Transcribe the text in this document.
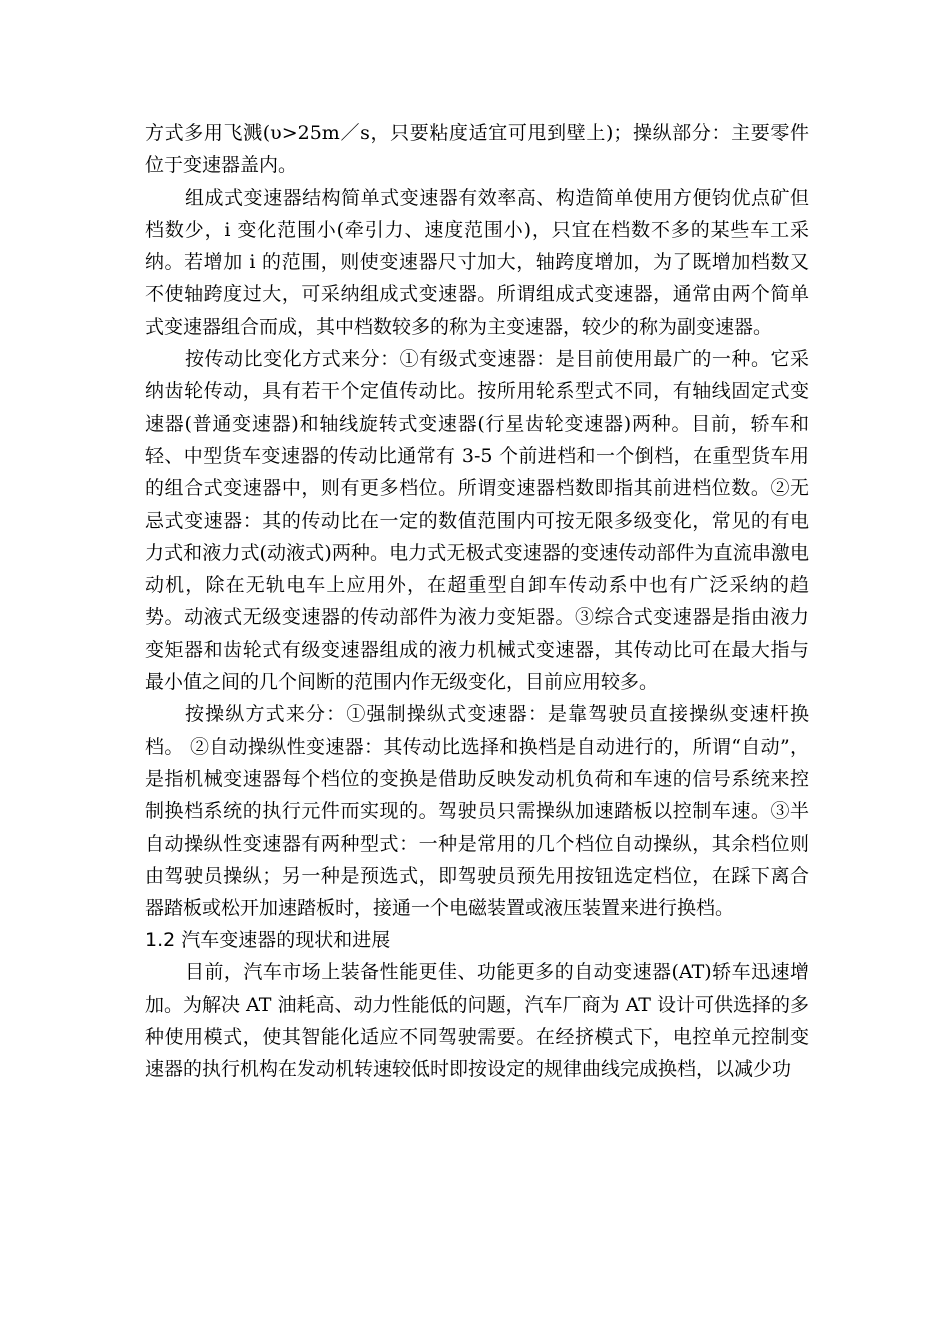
方式多用飞溅(υ>25m／s，只要粘度适宜可甩到壁上)；操纵部分：主要零件位于变速器盖内。

组成式变速器结构简单式变速器有效率高、构造简单使用方便钧优点矿但档数少，i 变化范围小(牵引力、速度范围小)，只宜在档数不多的某些车工采纳。若增加 i 的范围，则使变速器尺寸加大，轴跨度增加，为了既增加档数又不使轴跨度过大，可采纳组成式变速器。所谓组成式变速器，通常由两个简单式变速器组合而成，其中档数较多的称为主变速器，较少的称为副变速器。

按传动比变化方式来分：①有级式变速器：是目前使用最广的一种。它采纳齿轮传动，具有若干个定值传动比。按所用轮系型式不同，有轴线固定式变速器(普通变速器)和轴线旋转式变速器(行星齿轮变速器)两种。目前，轿车和轻、中型货车变速器的传动比通常有 3-5 个前进档和一个倒档，在重型货车用的组合式变速器中，则有更多档位。所谓变速器档数即指其前进档位数。②无忌式变速器：其的传动比在一定的数值范围内可按无限多级变化，常见的有电力式和液力式(动液式)两种。电力式无极式变速器的变速传动部件为直流串激电动机，除在无轨电车上应用外，在超重型自卸车传动系中也有广泛采纳的趋势。动液式无级变速器的传动部件为液力变矩器。③综合式变速器是指由液力变矩器和齿轮式有级变速器组成的液力机械式变速器，其传动比可在最大指与最小值之间的几个间断的范围内作无级变化，目前应用较多。

按操纵方式来分：①强制操纵式变速器：是靠驾驶员直接操纵变速杆换档。 ②自动操纵性变速器：其传动比选择和换档是自动进行的，所谓“自动”，是指机械变速器每个档位的变换是借助反映发动机负荷和车速的信号系统来控制换档系统的执行元件而实现的。驾驶员只需操纵加速踏板以控制车速。③半自动操纵性变速器有两种型式：一种是常用的几个档位自动操纵，其余档位则由驾驶员操纵；另一种是预选式，即驾驶员预先用按钮选定档位，在踩下离合器踏板或松开加速踏板时，接通一个电磁装置或液压装置来进行换档。

1.2 汽车变速器的现状和进展

目前，汽车市场上装备性能更佳、功能更多的自动变速器(AT)轿车迅速增加。为解决 AT 油耗高、动力性能低的问题，汽车厂商为 AT 设计可供选择的多种使用模式，使其智能化适应不同驾驶需要。在经挤模式下，电控单元控制变速器的执行机构在发动机转速较低时即按设定的规律曲线完成换档，以减少功
